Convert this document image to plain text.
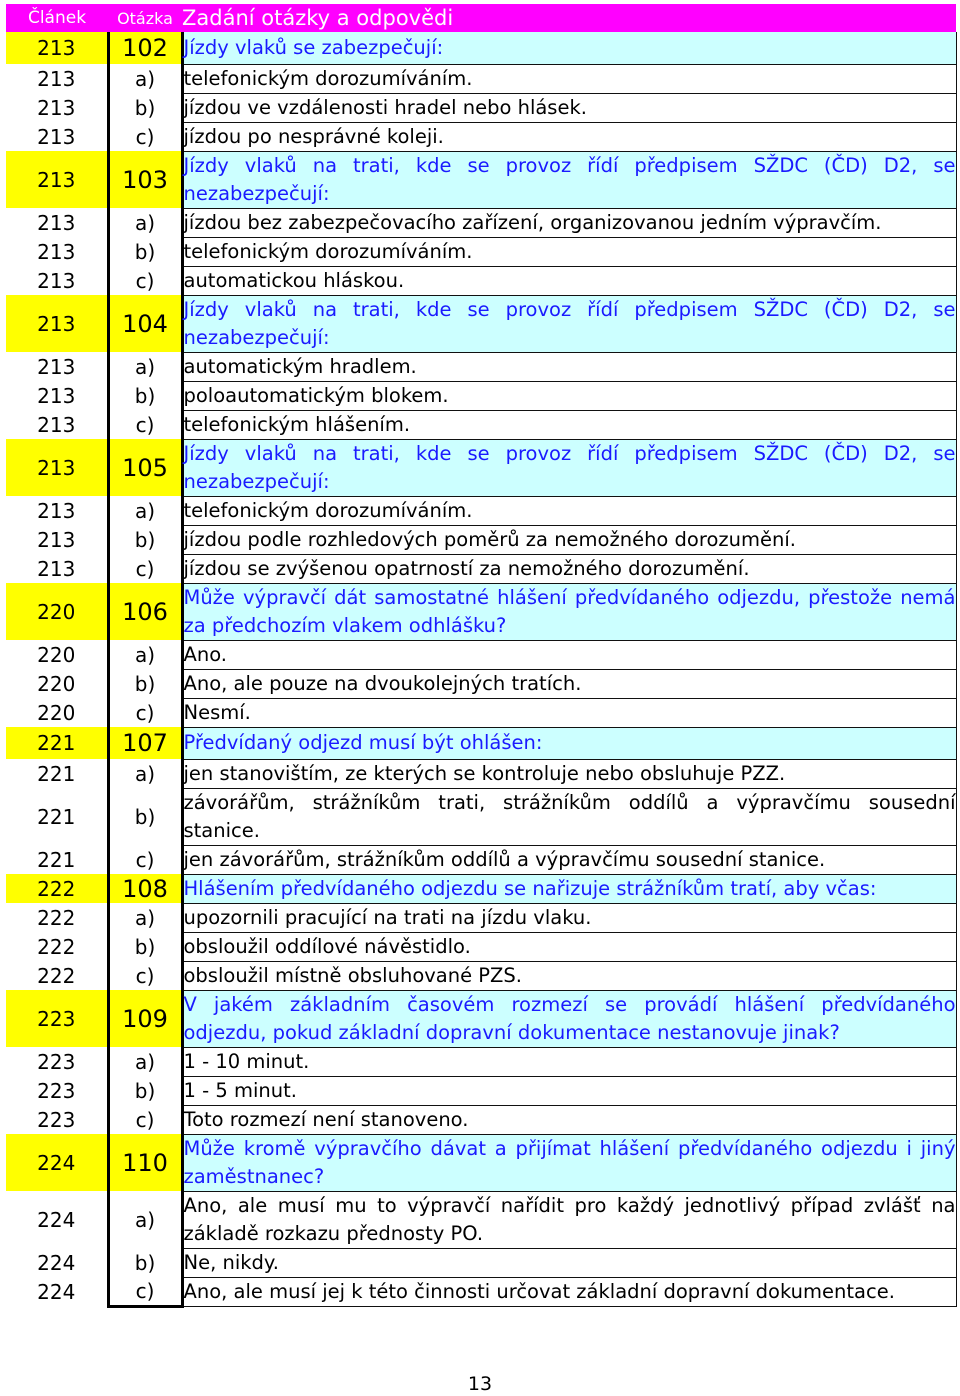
Článek	Otázka	Zadání otázky a odpovědi
213	102	Jízdy vlaků se zabezpečují:
213	a)	telefonickým dorozumíváním.
213	b)	jízdou ve vzdálenosti hradel nebo hlásek.
213	c)	jízdou po nesprávné koleji.
213	103	Jízdy vlaků na trati, kde se provoz řídí předpisem SŽDC (ČD) D2, se nezabezpečují:
213	a)	jízdou bez zabezpečovacího zařízení, organizovanou jedním výpravčím.
213	b)	telefonickým dorozumíváním.
213	c)	automatickou hláskou.
213	104	Jízdy vlaků na trati, kde se provoz řídí předpisem SŽDC (ČD) D2, se nezabezpečují:
213	a)	automatickým hradlem.
213	b)	poloautomatickým blokem.
213	c)	telefonickým hlášením.
213	105	Jízdy vlaků na trati, kde se provoz řídí předpisem SŽDC (ČD) D2, se nezabezpečují:
213	a)	telefonickým dorozumíváním.
213	b)	jízdou podle rozhledových poměrů za nemožného dorozumění.
213	c)	jízdou se zvýšenou opatrností za nemožného dorozumění.
220	106	Může výpravčí dát samostatné hlášení předvídaného odjezdu, přestože nemá za předchozím vlakem odhlášku?
220	a)	Ano.
220	b)	Ano, ale pouze na dvoukolejných tratích.
220	c)	Nesmí.
221	107	Předvídaný odjezd musí být ohlášen:
221	a)	jen stanovištím, ze kterých se kontroluje nebo obsluhuje PZZ.
221	b)	závorářům, strážníkům trati, strážníkům oddílů a výpravčímu sousední stanice.
221	c)	jen závorářům, strážníkům oddílů a výpravčímu sousední stanice.
222	108	Hlášením předvídaného odjezdu se nařizuje strážníkům tratí, aby včas:
222	a)	upozornili pracující na trati na jízdu vlaku.
222	b)	obsloužil oddílové návěstidlo.
222	c)	obsloužil místně obsluhované PZS.
223	109	V jakém základním časovém rozmezí se provádí hlášení předvídaného odjezdu, pokud základní dopravní dokumentace nestanovuje jinak?
223	a)	1 - 10 minut.
223	b)	1 - 5 minut.
223	c)	Toto rozmezí není stanoveno.
224	110	Může kromě výpravčího dávat a přijímat hlášení předvídaného odjezdu i jiný zaměstnanec?
224	a)	Ano, ale musí mu to výpravčí nařídit pro každý jednotlivý případ zvlášť na základě rozkazu přednosty PO.
224	b)	Ne, nikdy.
224	c)	Ano, ale musí jej k této činnosti určovat základní dopravní dokumentace.
13
